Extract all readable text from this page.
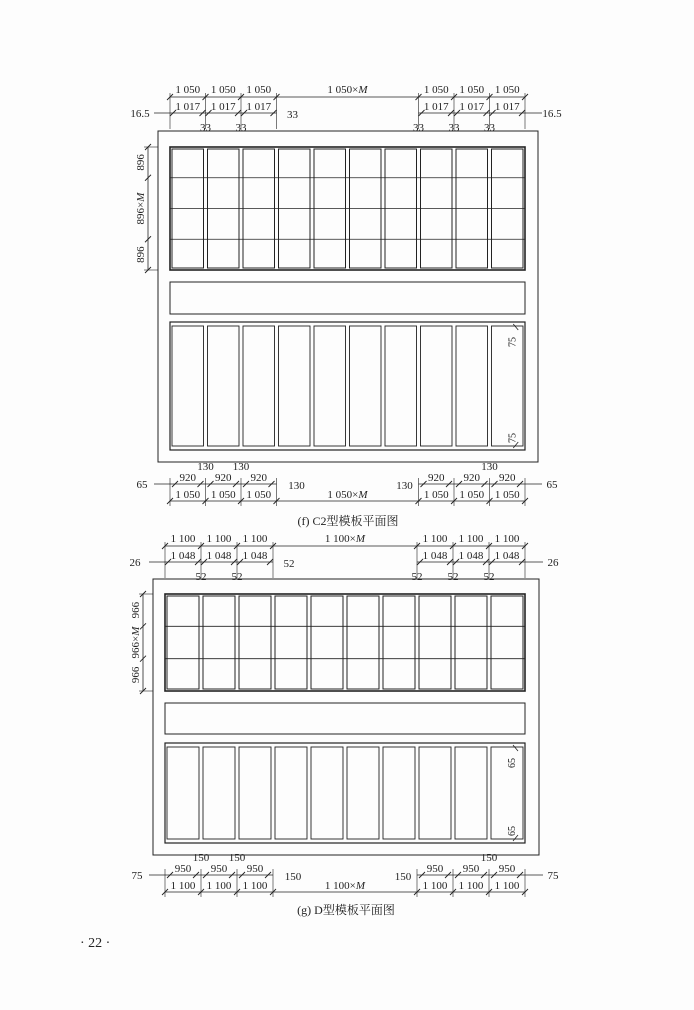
75
75
1 050 1 050 1 050	1 050×M	1 050 1 050 1 050
1 017 1 017 1 017	1 017 1 017 1 017
16.5	16.5
33 33
33
33 33 33
896
896×M
896
920 920 920	920 920 920
130 130
130	130
130
65	65
1 050 1 050 1 050	1 050×M	1 050 1 050 1 050
(f) C2型模板平面图
65
65
1 100 1 100 1 100	1 100×M	1 100 1 100 1 100
1 048 1 048 1 048	1 048 1 048 1 048
26	26
52 52
52
52 52 52
966
966×M
966
950 950 950	950 950 950
150 150
150	150
150
75	75
1 100 1 100 1 100	1 100×M	1 100 1 100 1 100
(g) D型模板平面图
· 22 ·
